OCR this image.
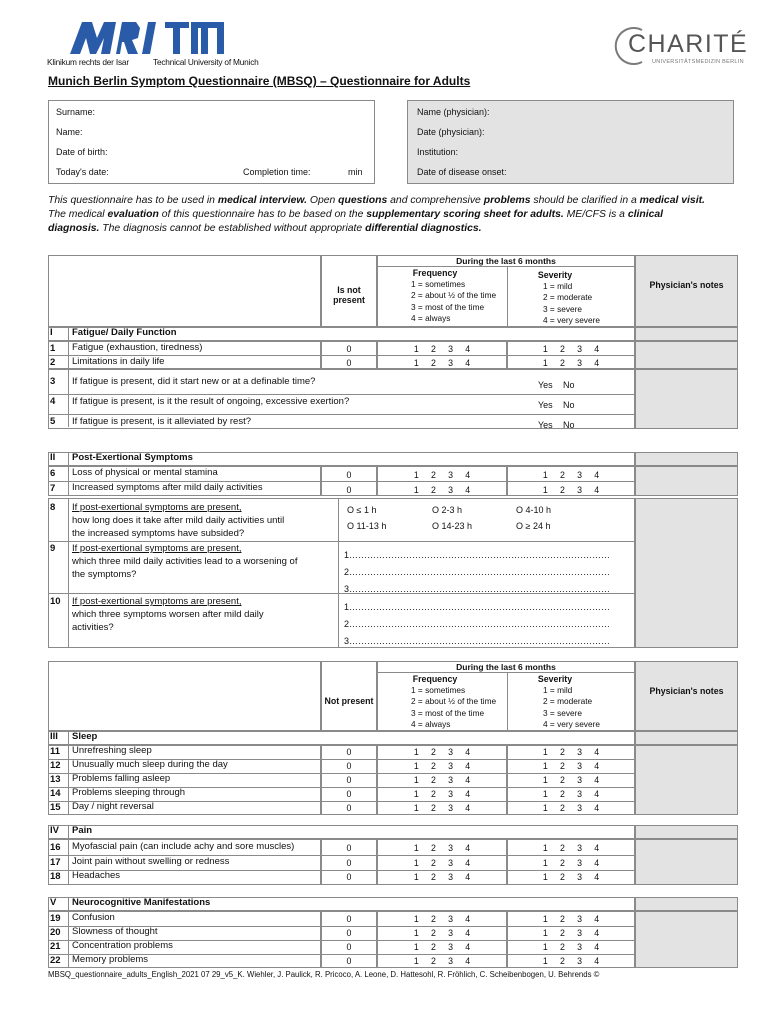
Klinikum rechts der Isar	Technical University of Munich
CHARITÉ
UNIVERSITÄTSMEDIZIN BERLIN
Munich Berlin Symptom Questionnaire (MBSQ) – Questionnaire for Adults
Surname:
Name:
Date of birth:
Today's date:	Completion time:	min
Name (physician):
Date (physician):
Institution:
Date of disease onset:
This questionnaire has to be used in medical interview. Open questions and comprehensive problems should be clarified in a medical visit.
The medical evaluation of this questionnaire has to be based on the supplementary scoring sheet for adults. ME/CFS is a clinical
diagnosis. The diagnosis cannot be established without appropriate differential diagnostics.
During the last 6 months
Is not
present
Frequency
1 = sometimes
2 = about ½ of the time
3 = most of the time
4 = always
Severity
1 = mild
2 = moderate
3 = severe
4 = very severe
Physician's notes
I Fatigue/ Daily Function
1 Fatigue (exhaustion, tiredness)	0	1     2     3     4	1     2     3     4
2 Limitations in daily life	0	1     2     3     4	1     2     3     4
3 If fatigue is present, did it start new or at a definable time?	Yes No
4 If fatigue is present, is it the result of ongoing, excessive exertion?	Yes No
5 If fatigue is present, is it alleviated by rest?	Yes No
II Post-Exertional Symptoms
6 Loss of physical or mental stamina	0	1     2     3     4	1     2     3     4
7 Increased symptoms after mild daily activities	0	1     2     3     4	1     2     3     4
8 If post-exertional symptoms are present,
how long does it take after mild daily activities until
the increased symptoms have subsided?
O ≤ 1 h	O 2-3 h	O 4-10 h
O 11-13 h	O 14-23 h	O ≥ 24 h
9 If post-exertional symptoms are present,
which three mild daily activities lead to a worsening of
the symptoms?
1……………………………………………………………………………
2……………………………………………………………………………
3……………………………………………………………………………
10 If post-exertional symptoms are present,
which three symptoms worsen after mild daily
activities?
1……………………………………………………………………………
2……………………………………………………………………………
3……………………………………………………………………………
During the last 6 months
Not present
Frequency
1 = sometimes
2 = about ½ of the time
3 = most of the time
4 = always
Severity
1 = mild
2 = moderate
3 = severe
4 = very severe
Physician's notes
III Sleep
11 Unrefreshing sleep	0	1     2     3     4	1     2     3     4
12 Unusually much sleep during the day	0	1     2     3     4	1     2     3     4
13 Problems falling asleep	0	1     2     3     4	1     2     3     4
14 Problems sleeping through	0	1     2     3     4	1     2     3     4
15 Day / night reversal	0	1     2     3     4	1     2     3     4
IV Pain
16 Myofascial pain (can include achy and sore muscles)	0	1     2     3     4	1     2     3     4
17 Joint pain without swelling or redness	0	1     2     3     4	1     2     3     4
18 Headaches	0	1     2     3     4	1     2     3     4
V Neurocognitive Manifestations
19 Confusion	0	1     2     3     4	1     2     3     4
20 Slowness of thought	0	1     2     3     4	1     2     3     4
21 Concentration problems	0	1     2     3     4	1     2     3     4
22 Memory problems	0	1     2     3     4	1     2     3     4
MBSQ_questionnaire_adults_English_2021 07 29_v5_K. Wiehler, J. Paulick, R. Pricoco, A. Leone, D. Hattesohl, R. Fröhlich, C. Scheibenbogen, U. Behrends ©
